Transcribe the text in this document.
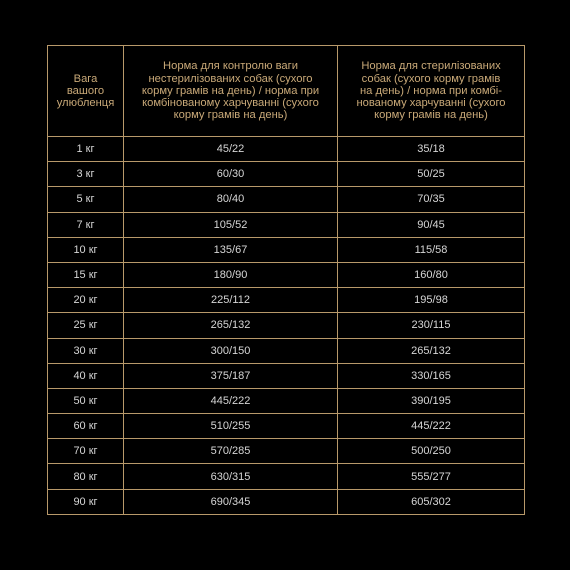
Вага
вашого
улюбленця	Норма для контролю ваги
нестерилізованих собак (сухого
корму грамів на день) / норма при
комбінованому харчуванні (сухого
корму грамів на день)	Норма для стерилізованих
собак (сухого корму грамів
на день) / норма при комбі-
нованому харчуванні (сухого
корму грамів на день)

1 кг	45/22	35/18
3 кг	60/30	50/25
5 кг	80/40	70/35
7 кг	105/52	90/45
10 кг	135/67	115/58
15 кг	180/90	160/80
20 кг	225/112	195/98
25 кг	265/132	230/115
30 кг	300/150	265/132
40 кг	375/187	330/165
50 кг	445/222	390/195
60 кг	510/255	445/222
70 кг	570/285	500/250
80 кг	630/315	555/277
90 кг	690/345	605/302
